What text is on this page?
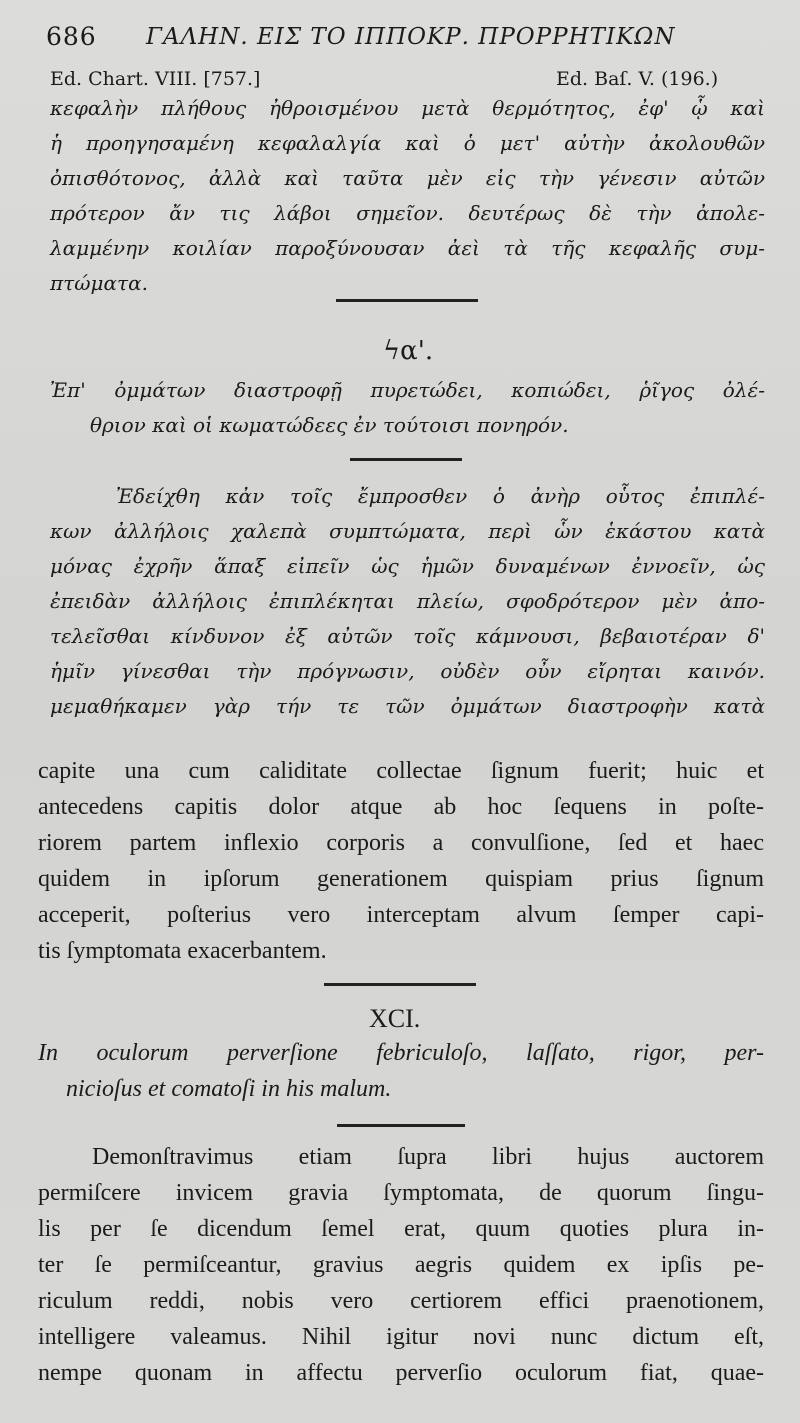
686 ΓΑΛΗΝ. ΕΙΣ ΤΟ ΙΠΠΟΚΡ. ΠΡΟΡΡΗΤΙΚΩΝ
Ed. Chart. VIII. [757.]	Ed. Baſ. V. (196.)
κεφαλὴν πλήθους ἠθροισμένου μετὰ θερμότητος, ἐφ' ᾧ καὶ
ἡ προηγησαμένη κεφαλαλγία καὶ ὁ μετ' αὐτὴν ἀκολουθῶν
ὀπισθότονος, ἀλλὰ καὶ ταῦτα μὲν εἰς τὴν γένεσιν αὐτῶν
πρότερον ἄν τις λάβοι σημεῖον. δευτέρως δὲ τὴν ἀπολε-
λαμμένην κοιλίαν παροξύνουσαν ἀεὶ τὰ τῆς κεφαλῆς συμ-
πτώματα.
ϟα'.
Ἐπ' ὀμμάτων διαστροφῇ πυρετώδει, κοπιώδει, ῥῖγος ὀλέ-
θριον καὶ οἱ κωματώδεες ἐν τούτοισι πονηρόν.
Ἐδείχθη κἀν τοῖς ἔμπροσθεν ὁ ἀνὴρ οὗτος ἐπιπλέ-
κων ἀλλήλοις χαλεπὰ συμπτώματα, περὶ ὧν ἑκάστου κατὰ
μόνας ἐχρῆν ἅπαξ εἰπεῖν ὡς ἡμῶν δυναμένων ἐννοεῖν, ὡς
ἐπειδὰν ἀλλήλοις ἐπιπλέκηται πλείω, σφοδρότερον μὲν ἀπο-
τελεῖσθαι κίνδυνον ἐξ αὐτῶν τοῖς κάμνουσι, βεβαιοτέραν δ'
ἡμῖν γίνεσθαι τὴν πρόγνωσιν, οὐδὲν οὖν εἴρηται καινόν.
μεμαθήκαμεν γὰρ τήν τε τῶν ὀμμάτων διαστροφὴν κατὰ
capite una cum caliditate collectae ſignum fuerit; huic et
antecedens capitis dolor atque ab hoc ſequens in poſte-
riorem partem inflexio corporis a convulſione, ſed et haec
quidem in ipſorum generationem quispiam prius ſignum
acceperit, poſterius vero interceptam alvum ſemper capi-
tis ſymptomata exacerbantem.
XCI.
In oculorum perverſione febriculoſo, laſſato, rigor, per-
nicioſus et comatoſi in his malum.
Demonſtravimus etiam ſupra libri hujus auctorem
permiſcere invicem gravia ſymptomata, de quorum ſingu-
lis per ſe dicendum ſemel erat, quum quoties plura in-
ter ſe permiſceantur, gravius aegris quidem ex ipſis pe-
riculum reddi, nobis vero certiorem effici praenotionem,
intelligere valeamus. Nihil igitur novi nunc dictum eſt,
nempe quonam in affectu perverſio oculorum fiat, quae-
